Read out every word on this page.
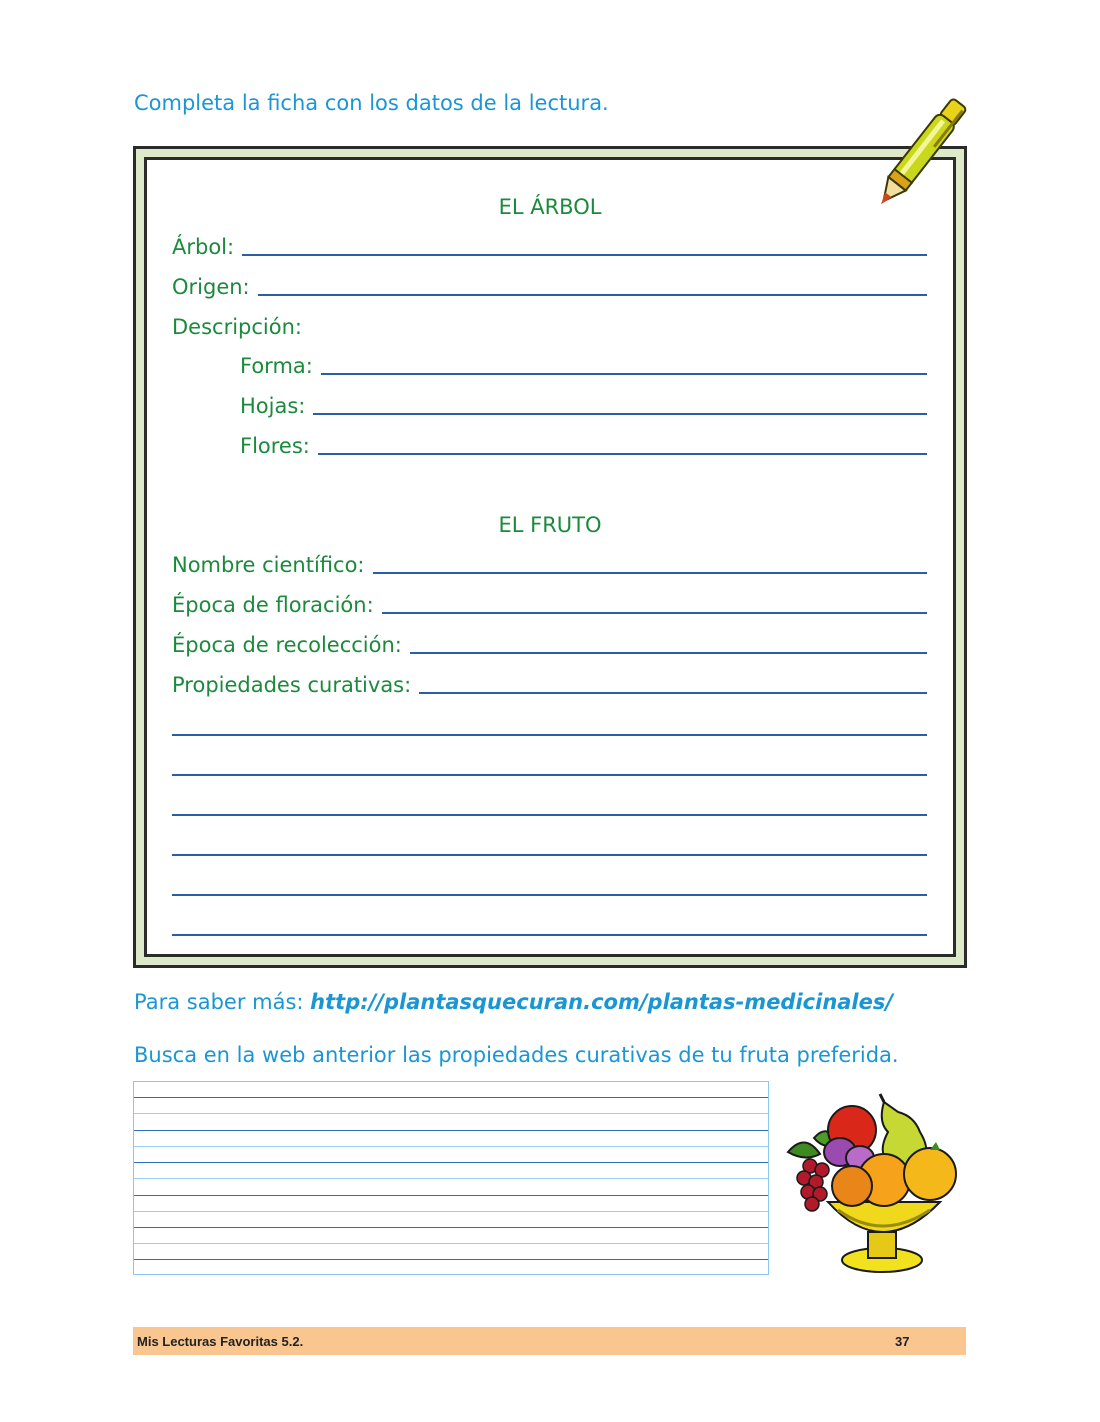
Completa la ficha con los datos de la lectura.
EL ÁRBOL
Árbol:
Origen:
Descripción:
Forma:
Hojas:
Flores:
EL FRUTO
Nombre científico:
Época de floración:
Época de recolección:
Propiedades curativas:

Para saber más: http://plantasquecuran.com/plantas-medicinales/

Busca en la web anterior las propiedades curativas de tu fruta preferida.

Mis Lecturas Favoritas 5.2.	37
